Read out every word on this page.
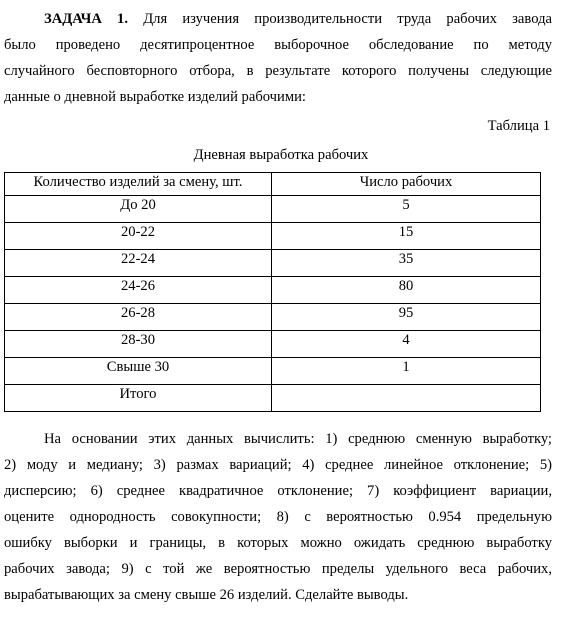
ЗАДАЧА 1. Для изучения производительности труда рабочих завода
было проведено десятипроцентное выборочное обследование по методу
случайного бесповторного отбора, в результате которого получены следующие
данные о дневной выработке изделий рабочими:
Таблица 1
Дневная выработка рабочих
Количество изделий за смену, шт.	Число рабочих
До 20	5
20-22	15
22-24	35
24-26	80
26-28	95
28-30	4
Свыше 30	1
Итого	
На основании этих данных вычислить: 1) среднюю сменную выработку;
2) моду и медиану; 3) размах вариаций; 4) среднее линейное отклонение; 5)
дисперсию; 6) среднее квадратичное отклонение; 7) коэффициент вариации,
оцените однородность совокупности; 8) с вероятностью 0.954 предельную
ошибку выборки и границы, в которых можно ожидать среднюю выработку
рабочих завода; 9) с той же вероятностью пределы удельного веса рабочих,
вырабатывающих за смену свыше 26 изделий. Сделайте выводы.
